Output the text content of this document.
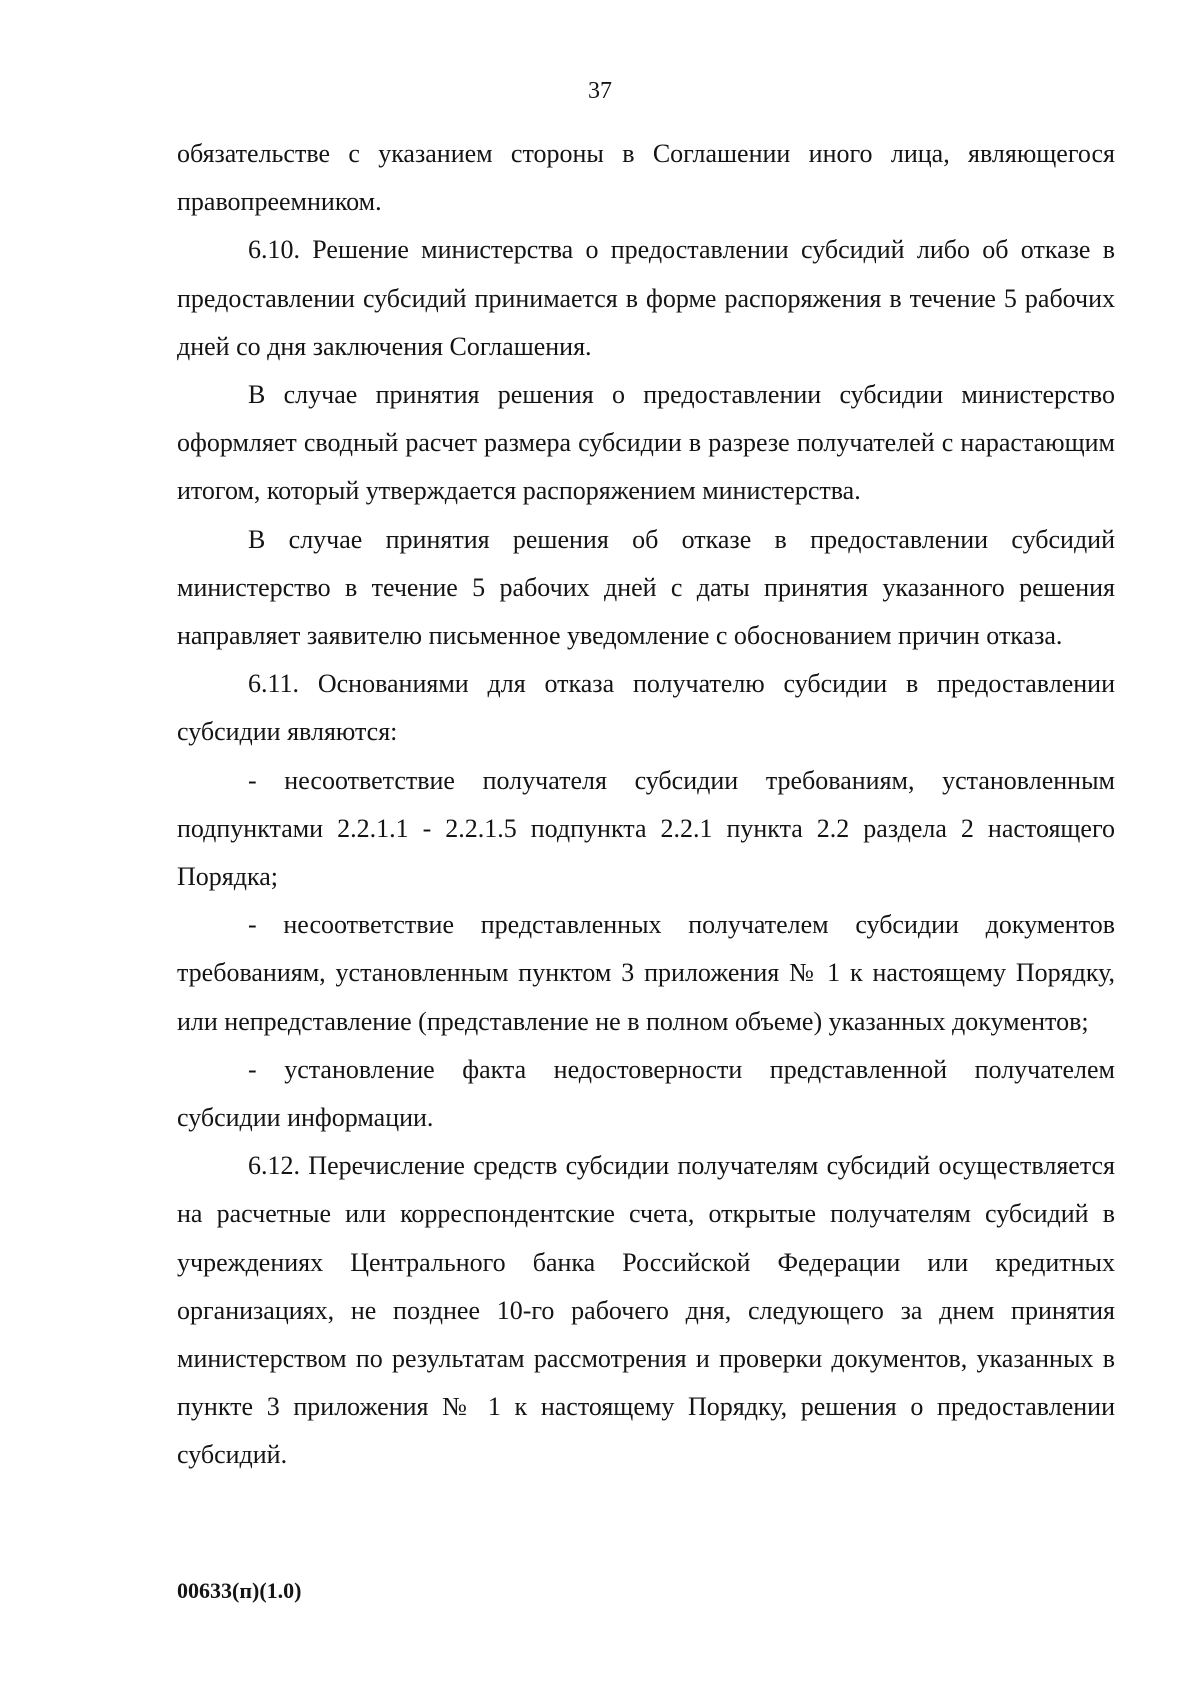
37

обязательстве с указанием стороны в Соглашении иного лица, являющегося правопреемником.

6.10. Решение министерства о предоставлении субсидий либо об отказе в предоставлении субсидий принимается в форме распоряжения в течение 5 рабочих дней со дня заключения Соглашения.

В случае принятия решения о предоставлении субсидии министерство оформляет сводный расчет размера субсидии в разрезе получателей с нарастающим итогом, который утверждается распоряжением министерства.

В случае принятия решения об отказе в предоставлении субсидий министерство в течение 5 рабочих дней с даты принятия указанного решения направляет заявителю письменное уведомление с обоснованием причин отказа.

6.11. Основаниями для отказа получателю субсидии в предоставлении субсидии являются:

- несоответствие получателя субсидии требованиям, установленным подпунктами 2.2.1.1 - 2.2.1.5 подпункта 2.2.1 пункта 2.2 раздела 2 настоящего Порядка;

- несоответствие представленных получателем субсидии документов требованиям, установленным пунктом 3 приложения № 1 к настоящему Порядку, или непредставление (представление не в полном объеме) указанных документов;

- установление факта недостоверности представленной получателем субсидии информации.

6.12. Перечисление средств субсидии получателям субсидий осуществляется на расчетные или корреспондентские счета, открытые получателям субсидий в учреждениях Центрального банка Российской Федерации или кредитных организациях, не позднее 10-го рабочего дня, следующего за днем принятия министерством по результатам рассмотрения и проверки документов, указанных в пункте 3 приложения № 1 к настоящему Порядку, решения о предоставлении субсидий.

00633(п)(1.0)
